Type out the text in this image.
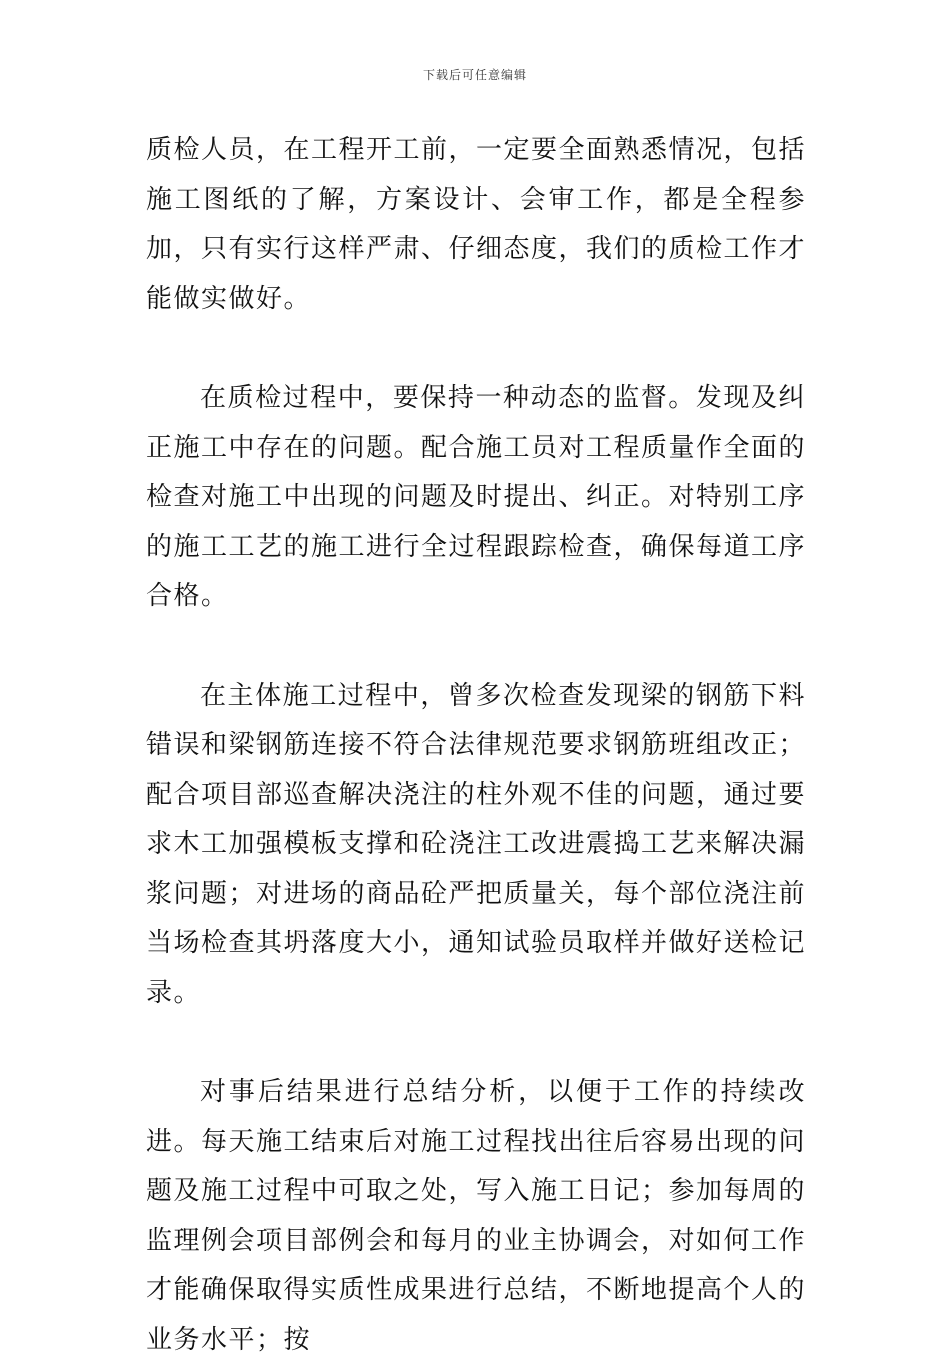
下载后可任意编辑

质检人员，在工程开工前，一定要全面熟悉情况，包括施工图纸的了解，方案设计、会审工作，都是全程参加，只有实行这样严肃、仔细态度，我们的质检工作才能做实做好。

在质检过程中，要保持一种动态的监督。发现及纠正施工中存在的问题。配合施工员对工程质量作全面的检查对施工中出现的问题及时提出、纠正。对特别工序的施工工艺的施工进行全过程跟踪检查，确保每道工序合格。

在主体施工过程中，曾多次检查发现梁的钢筋下料错误和梁钢筋连接不符合法律规范要求钢筋班组改正；配合项目部巡查解决浇注的柱外观不佳的问题，通过要求木工加强模板支撑和砼浇注工改进震捣工艺来解决漏浆问题；对进场的商品砼严把质量关，每个部位浇注前当场检查其坍落度大小，通知试验员取样并做好送检记录。

对事后结果进行总结分析，以便于工作的持续改进。每天施工结束后对施工过程找出往后容易出现的问题及施工过程中可取之处，写入施工日记；参加每周的监理例会项目部例会和每月的业主协调会，对如何工作才能确保取得实质性成果进行总结，不断地提高个人的业务水平；按
